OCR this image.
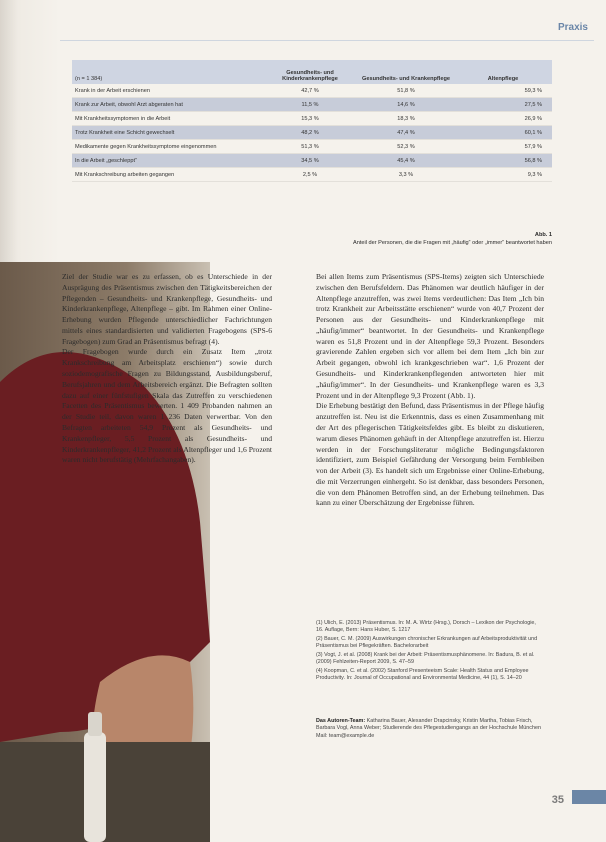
Praxis
(n = 1 384)
Gesundheits- und Kinderkrankenpflege	Gesundheits- und Krankenpflege	Altenpflege
Krank in der Arbeit erschienen	42,7 %	51,8 %	59,3 %
Krank zur Arbeit, obwohl Arzt abgeraten hat	11,5 %	14,6 %	27,5 %
Mit Krankheitssymptomen in die Arbeit	15,3 %	18,3 %	26,9 %
Trotz Krankheit eine Schicht gewechselt	48,2 %	47,4 %	60,1 %
Medikamente gegen Krankheitssymptome eingenommen	51,3 %	52,3 %	57,9 %
In die Arbeit „geschleppt“	34,5 %	45,4 %	56,8 %
Mit Krankschreibung arbeiten gegangen	2,5 %	3,3 %	9,3 %
Abb. 1
Anteil der Personen, die die Fragen mit „häufig“ oder „immer“ beantwortet haben

Ziel der Studie war es zu erfassen, ob es Unterschiede in der Ausprägung des Präsentismus zwischen den Tätigkeitsbereichen der Pflegenden – Gesundheits- und Krankenpflege, Gesundheits- und Kinderkrankenpflege, Altenpflege – gibt. Im Rahmen einer Online-Erhebung wurden Pflegende unterschiedlicher Fachrichtungen mittels eines standardisierten und validierten Fragebogens (SPS-6 Fragebogen) zum Grad an Präsentismus befragt (4).

Der Fragebogen wurde durch ein Zusatz Item „trotz Krankschreibung am Arbeitsplatz erschienen“) sowie durch soziodemografische Fragen zu Bildungsstand, Ausbildungsberuf, Berufsjahren und dem Arbeitsbereich ergänzt. Die Befragten sollten dazu auf einer fünfstufigen Skala das Zutreffen zu verschiedenen Facetten des Präsentismus bewerten. 1 409 Probanden nahmen an der Studie teil, davon waren 1 236 Daten verwertbar. Von den Befragten arbeiteten 54,9 Prozent als Gesundheits- und Krankenpfleger, 5,5 Prozent als Gesundheits- und Kinderkrankenpfleger, 41,2 Prozent als Altenpfleger und 1,6 Prozent waren nicht berufstätig (Mehrfachangaben).

Bei allen Items zum Präsentismus (SPS-Items) zeigten sich Unterschiede zwischen den Berufsfeldern. Das Phänomen war deutlich häufiger in der Altenpflege anzutreffen, was zwei Items verdeutlichen: Das Item „Ich bin trotz Krankheit zur Arbeitsstätte erschienen“ wurde von 40,7 Prozent der Personen aus der Gesundheits- und Kinderkrankenpflege mit „häufig/immer“ beantwortet. In der Gesundheits- und Krankenpflege waren es 51,8 Prozent und in der Altenpflege 59,3 Prozent. Besonders gravierende Zahlen ergeben sich vor allem bei dem Item „Ich bin zur Arbeit gegangen, obwohl ich krankgeschrieben war“. 1,6 Prozent der Gesundheits- und Kinderkrankenpflegenden antworteten hier mit „häufig/immer“. In der Gesundheits- und Krankenpflege waren es 3,3 Prozent und in der Altenpflege 9,3 Prozent (Abb. 1).

Die Erhebung bestätigt den Befund, dass Präsentismus in der Pflege häufig anzutreffen ist. Neu ist die Erkenntnis, dass es einen Zusammenhang mit der Art des pflegerischen Tätigkeitsfeldes gibt. Es bleibt zu diskutieren, warum dieses Phänomen gehäuft in der Altenpflege anzutreffen ist. Hierzu werden in der Forschungsliteratur mögliche Bedingungsfaktoren identifiziert, zum Beispiel Gefährdung der Versorgung beim Fernbleiben von der Arbeit (3). Es handelt sich um Ergebnisse einer Online-Erhebung, die mit Verzerrungen einhergeht. So ist denkbar, dass besonders Personen, die von dem Phänomen Betroffen sind, an der Erhebung teilnehmen. Das kann zu einer Überschätzung der Ergebnisse führen.

(1) Ulich, E. (2013) Präsentismus. In: M. A. Wirtz (Hrsg.), Dorsch – Lexikon der Psychologie, 16. Auflage, Bern: Hans Huber, S. 1217

(2) Bauer, C. M. (2009) Auswirkungen chronischer Erkrankungen auf Arbeitsproduktivität und Präsentismus bei Pflegekräften. Bachelorarbeit

(3) Vogt, J. et al. (2008) Krank bei der Arbeit: Präsentismusphänomene. In: Badura, B. et al. (2009) Fehlzeiten-Report 2009, S. 47–59

(4) Koopman, C. et al. (2002) Stanford Presenteeism Scale: Health Status and Employee Productivity. In: Journal of Occupational and Environmental Medicine, 44 (1), S. 14–20

Das Autoren-Team: Katharina Bauer, Alexander Drapcinsky, Kristin Martha, Tobias Frisch, Barbara Vogl, Anna Weber; Studierende des Pflegestudiengangs an der Hochschule München
Mail: team@example.de
35
